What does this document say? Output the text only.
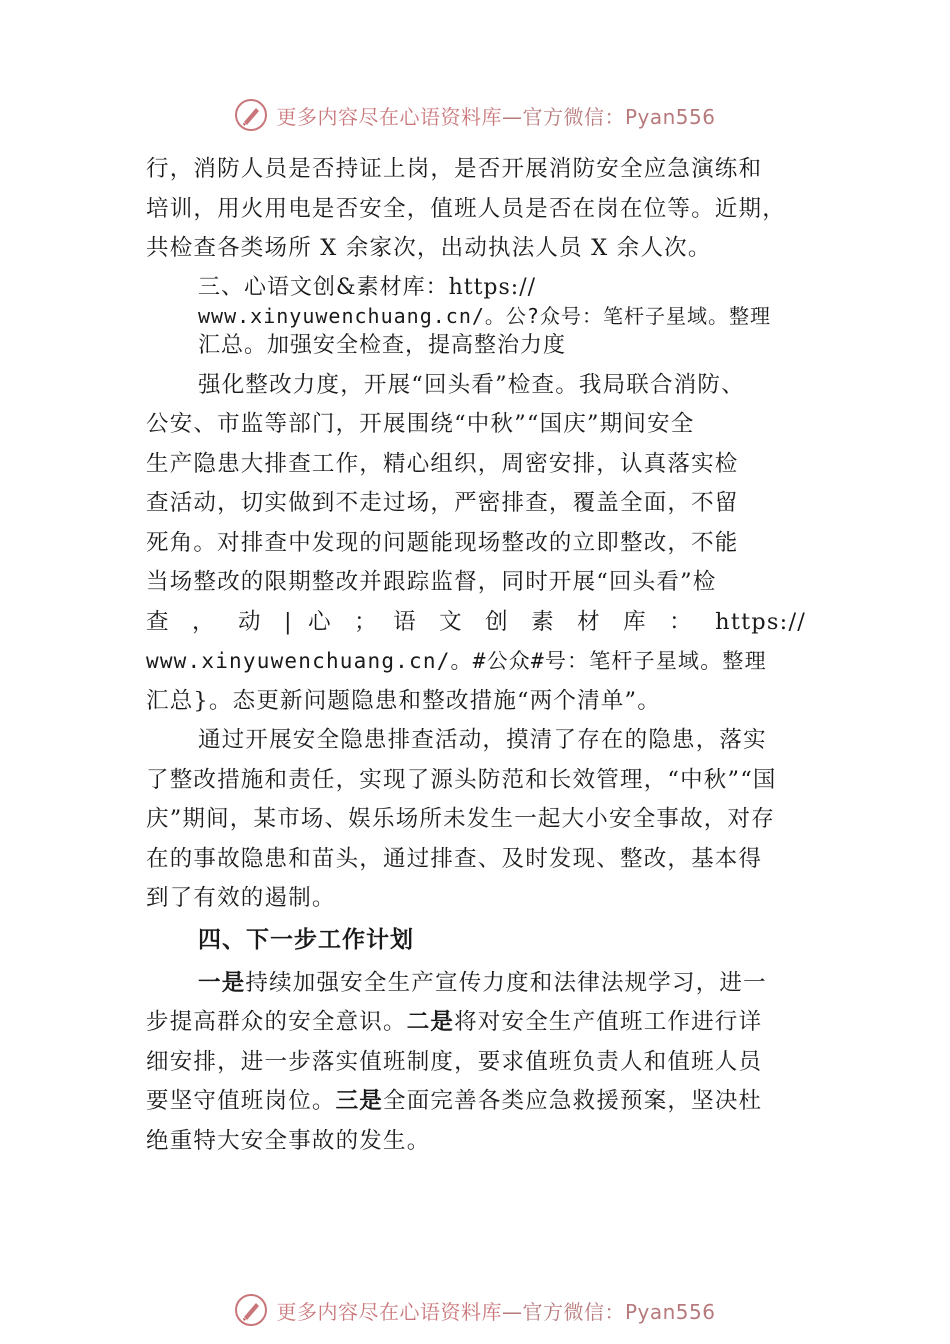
更多内容尽在心语资料库—官方微信：Pyan556

行，消防人员是否持证上岗，是否开展消防安全应急演练和
培训，用火用电是否安全，值班人员是否在岗在位等。近期，
共检查各类场所 X 余家次，出动执法人员 X 余人次。

三、心语文创&素材库：https://
www.xinyuwenchuang.cn/。公?众号：笔杆子星域。整理
汇总。加强安全检查，提高整治力度

强化整改力度，开展“回头看”检查。我局联合消防、
公安、市监等部门，开展围绕“中秋”“国庆”期间安全
生产隐患大排查工作，精心组织，周密安排，认真落实检
查活动，切实做到不走过场，严密排查，覆盖全面，不留
死角。对排查中发现的问题能现场整改的立即整改，不能
当场整改的限期整改并跟踪监督，同时开展“回头看”检

查 ， 动 | 心 ； 语 文 创 素 材 库 ： https://

www.xinyuwenchuang.cn/。#公众#号：笔杆子星域。整理

汇总}。态更新问题隐患和整改措施“两个清单”。

通过开展安全隐患排查活动，摸清了存在的隐患，落实
了整改措施和责任，实现了源头防范和长效管理，“中秋”“国
庆”期间，某市场、娱乐场所未发生一起大小安全事故，对存
在的事故隐患和苗头，通过排查、及时发现、整改，基本得
到了有效的遏制。

四、下一步工作计划

一是持续加强安全生产宣传力度和法律法规学习，进一
步提高群众的安全意识。二是将对安全生产值班工作进行详
细安排，进一步落实值班制度，要求值班负责人和值班人员
要坚守值班岗位。三是全面完善各类应急救援预案，坚决杜
绝重特大安全事故的发生。

更多内容尽在心语资料库—官方微信：Pyan556
